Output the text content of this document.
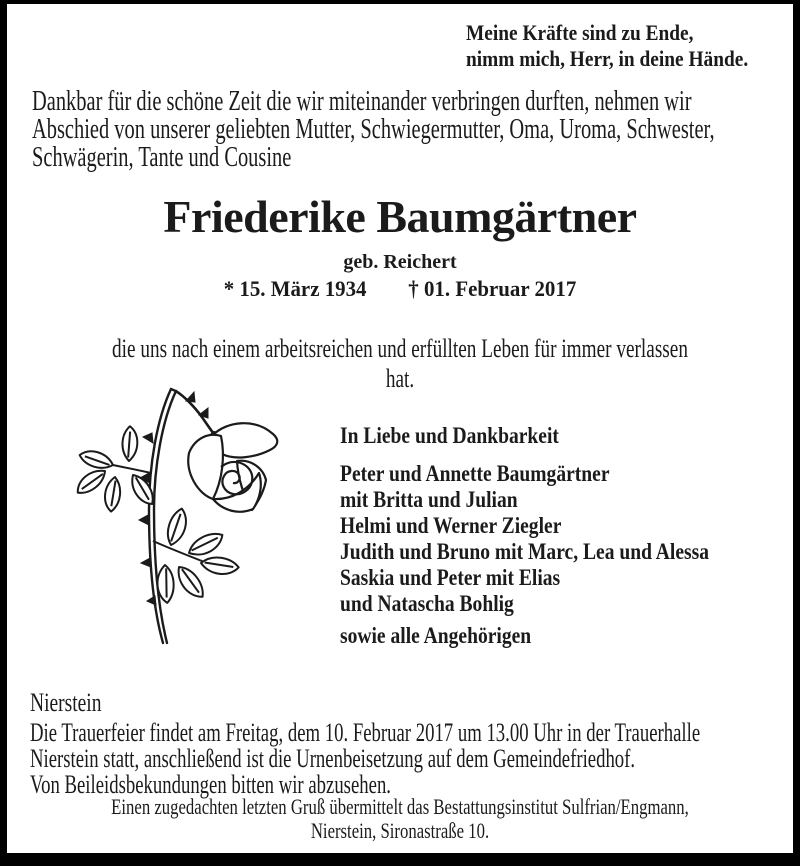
Meine Kräfte sind zu Ende,
nimm mich, Herr, in deine Hände.
Dankbar für die schöne Zeit die wir miteinander verbringen durften, nehmen wir
Abschied von unserer geliebten Mutter, Schwiegermutter, Oma, Uroma, Schwester,
Schwägerin, Tante und Cousine
Friederike Baumgärtner
geb. Reichert
* 15. März 1934 † 01. Februar 2017
die uns nach einem arbeitsreichen und erfüllten Leben für immer verlassen hat.
In Liebe und Dankbarkeit
Peter und Annette Baumgärtner
mit Britta und Julian
Helmi und Werner Ziegler
Judith und Bruno mit Marc, Lea und Alessa
Saskia und Peter mit Elias
und Natascha Bohlig
sowie alle Angehörigen
Nierstein
Die Trauerfeier findet am Freitag, dem 10. Februar 2017 um 13.00 Uhr in der Trauerhalle
Nierstein statt, anschließend ist die Urnenbeisetzung auf dem Gemeindefriedhof.
Von Beileidsbekundungen bitten wir abzusehen.
Einen zugedachten letzten Gruß übermittelt das Bestattungsinstitut Sulfrian/Engmann,
Nierstein, Sironastraße 10.
